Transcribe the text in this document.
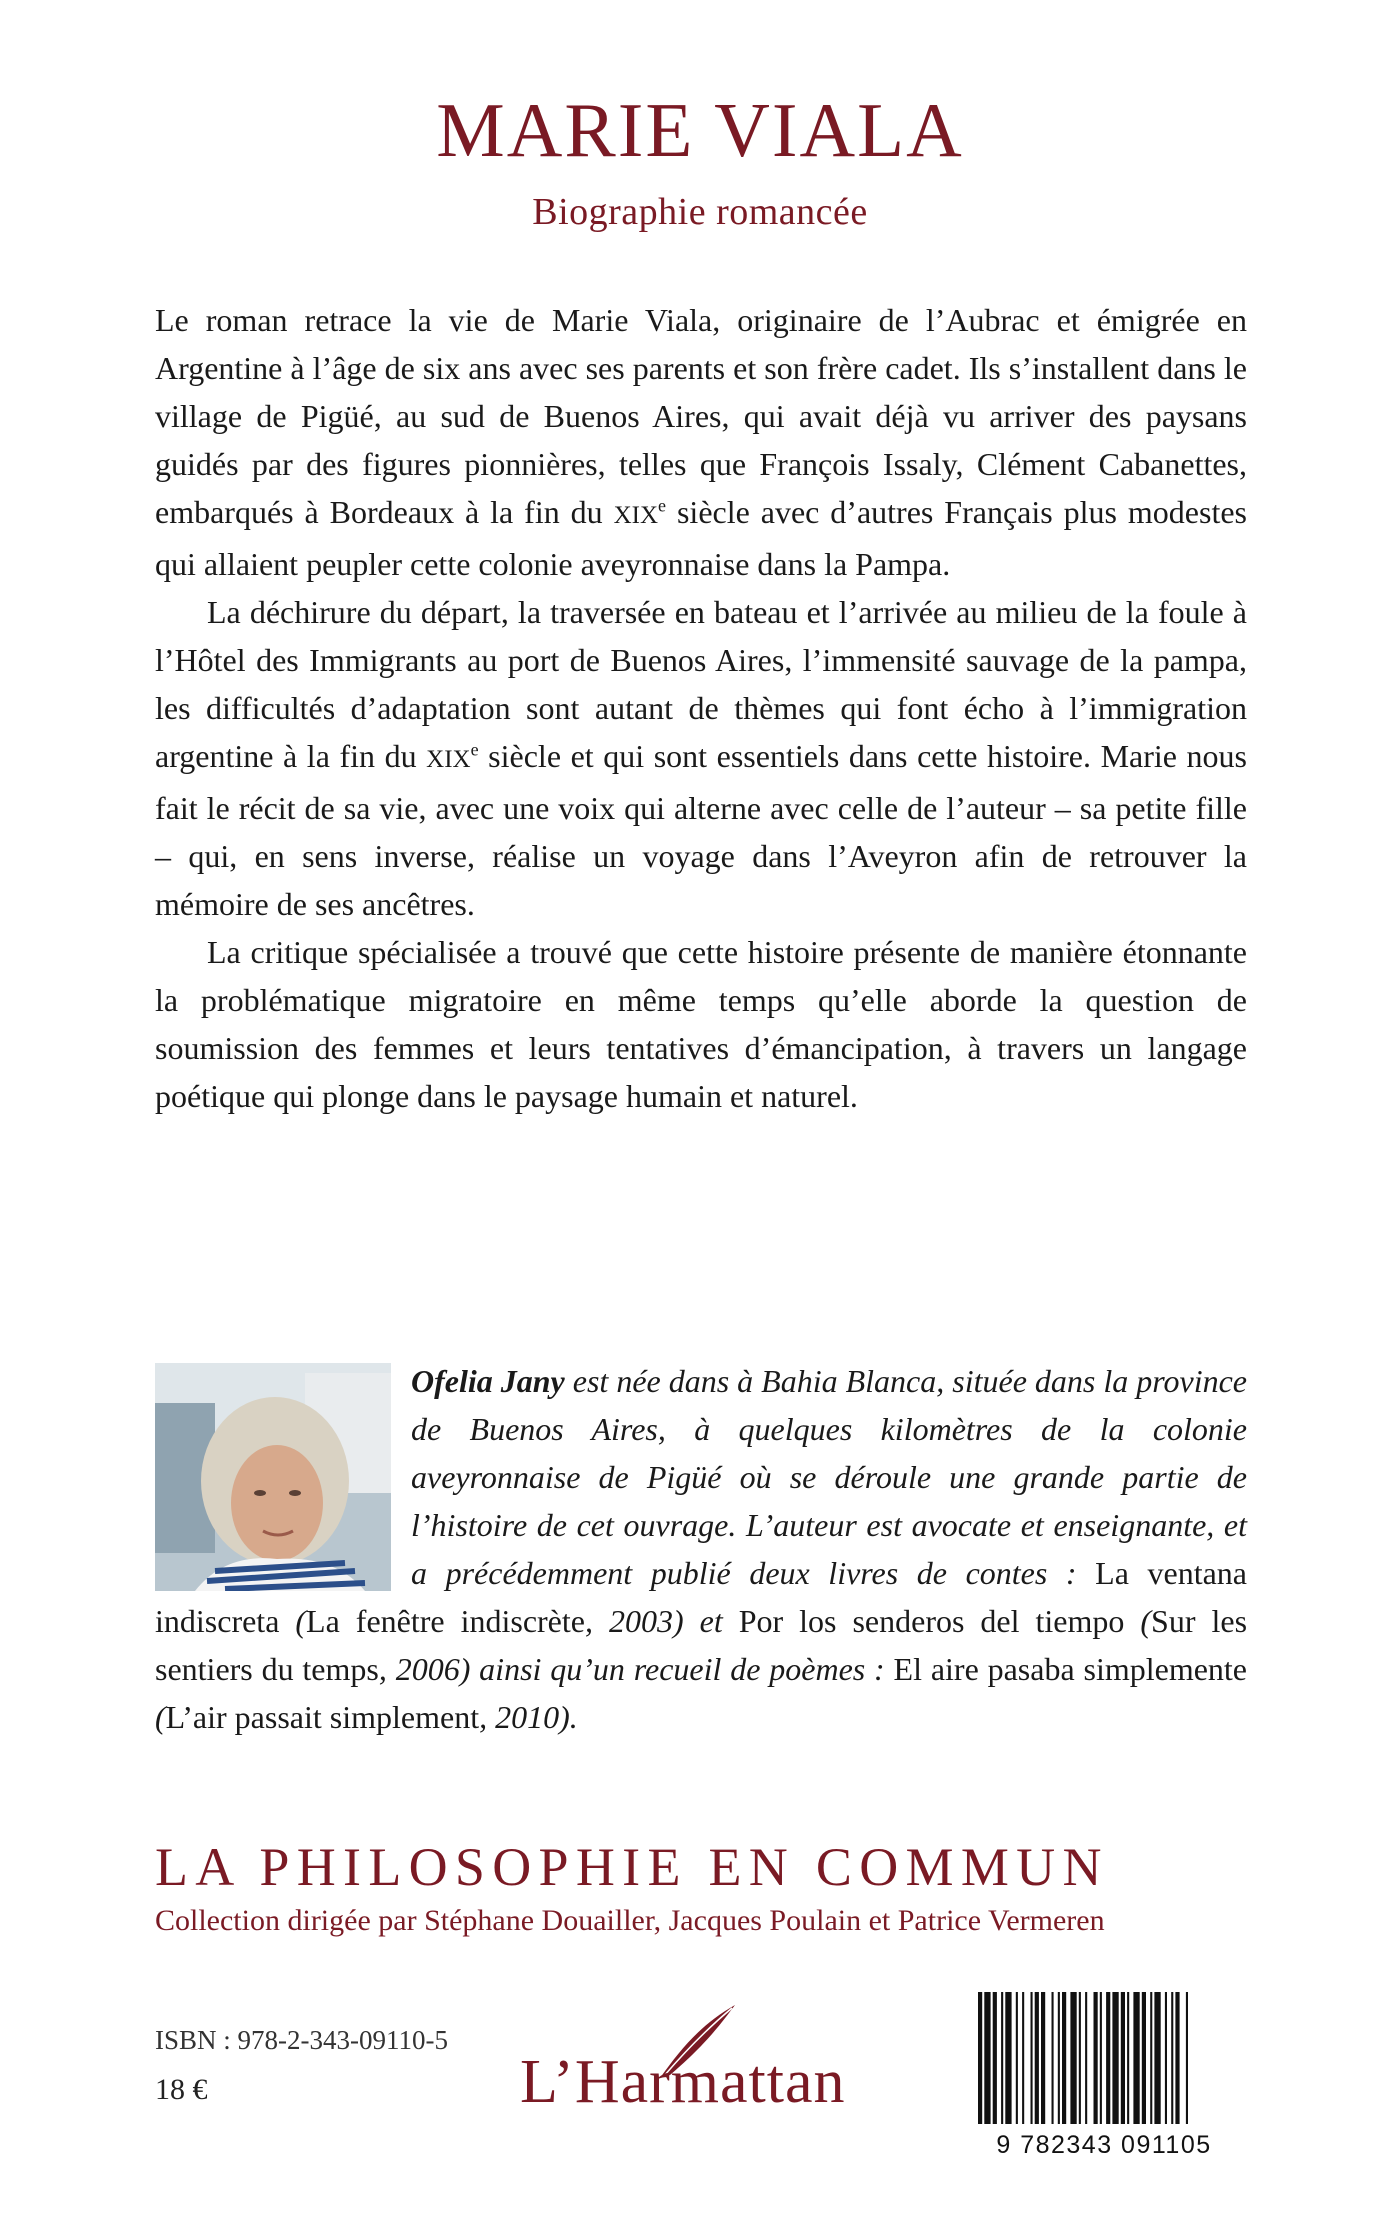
MARIE VIALA
Biographie romancée

Le roman retrace la vie de Marie Viala, originaire de l’Aubrac et émigrée en Argentine à l’âge de six ans avec ses parents et son frère cadet. Ils s’installent dans le village de Pigüé, au sud de Buenos Aires, qui avait déjà vu arriver des paysans guidés par des figures pionnières, telles que François Issaly, Clément Cabanettes, embarqués à Bordeaux à la fin du XIXe siècle avec d’autres Français plus modestes qui allaient peupler cette colonie aveyronnaise dans la Pampa.

La déchirure du départ, la traversée en bateau et l’arrivée au milieu de la foule à l’Hôtel des Immigrants au port de Buenos Aires, l’immensité sauvage de la pampa, les difficultés d’adaptation sont autant de thèmes qui font écho à l’immigration argentine à la fin du XIXe siècle et qui sont essentiels dans cette histoire. Marie nous fait le récit de sa vie, avec une voix qui alterne avec celle de l’auteur – sa petite fille – qui, en sens inverse, réalise un voyage dans l’Aveyron afin de retrouver la mémoire de ses ancêtres.

La critique spécialisée a trouvé que cette histoire présente de manière étonnante la problématique migratoire en même temps qu’elle aborde la question de soumission des femmes et leurs tentatives d’émancipation, à travers un langage poétique qui plonge dans le paysage humain et naturel.

Ofelia Jany est née dans à Bahia Blanca, située dans la province de Buenos Aires, à quelques kilomètres de la colonie aveyronnaise de Pigüé où se déroule une grande partie de l’histoire de cet ouvrage. L’auteur est avocate et enseignante, et a précédemment publié deux livres de contes : La ventana indiscreta (La fenêtre indiscrète, 2003) et Por los senderos del tiempo (Sur les sentiers du temps, 2006) ainsi qu’un recueil de poèmes : El aire pasaba simplemente (L’air passait simplement, 2010).
LA PHILOSOPHIE EN COMMUN
Collection dirigée par Stéphane Douailler, Jacques Poulain et Patrice Vermeren
ISBN : 978-2-343-09110-5
18 €	L’Harmattan
9 782343 091105
